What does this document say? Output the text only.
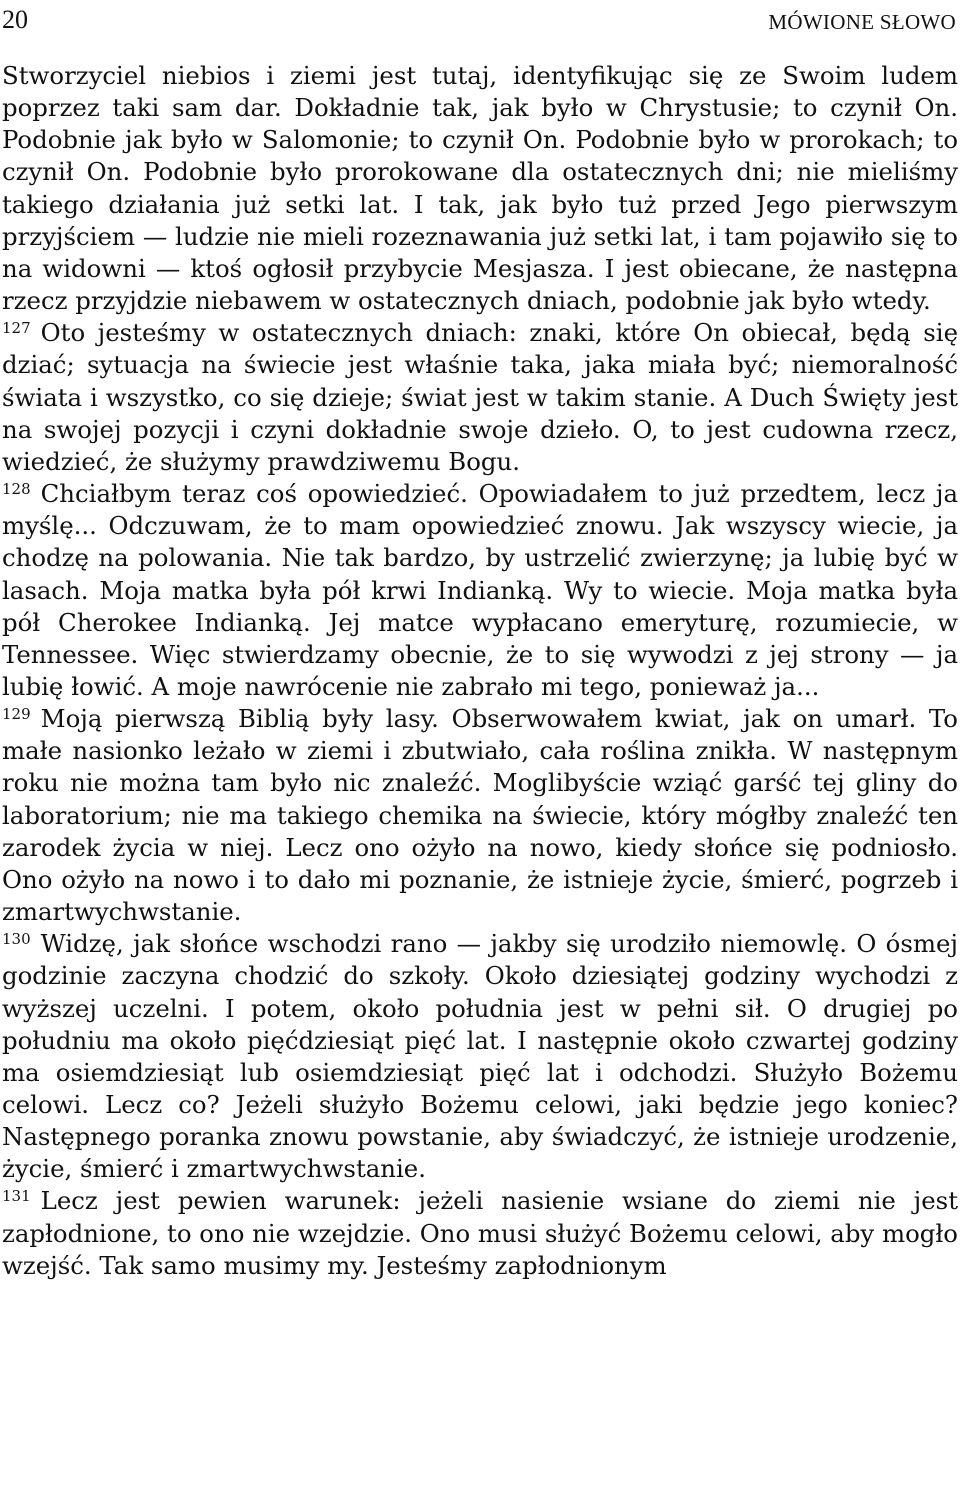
20	MÓWIONE SŁOWO

Stworzyciel niebios i ziemi jest tutaj, identyfikując się ze Swoim ludem poprzez taki sam dar. Dokładnie tak, jak było w Chrystusie; to czynił On. Podobnie jak było w Salomonie; to czynił On. Podobnie było w prorokach; to czynił On. Podobnie było prorokowane dla ostatecznych dni; nie mieliśmy takiego działania już setki lat. I tak, jak było tuż przed Jego pierwszym przyjściem — ludzie nie mieli rozeznawania już setki lat, i tam pojawiło się to na widowni — ktoś ogłosił przybycie Mesjasza. I jest obiecane, że następna rzecz przyjdzie niebawem w ostatecznych dniach, podobnie jak było wtedy.

$^{127}$ Oto jesteśmy w ostatecznych dniach: znaki, które On obiecał, będą się dziać; sytuacja na świecie jest właśnie taka, jaka miała być; niemoralność świata i wszystko, co się dzieje; świat jest w takim stanie. A Duch Święty jest na swojej pozycji i czyni dokładnie swoje dzieło. O, to jest cudowna rzecz, wiedzieć, że służymy prawdziwemu Bogu.

$^{128}$ Chciałbym teraz coś opowiedzieć. Opowiadałem to już przedtem, lecz ja myślę... Odczuwam, że to mam opowiedzieć znowu. Jak wszyscy wiecie, ja chodzę na polowania. Nie tak bardzo, by ustrzelić zwierzynę; ja lubię być w lasach. Moja matka była pół krwi Indianką. Wy to wiecie. Moja matka była pół Cherokee Indianką. Jej matce wypłacano emeryturę, rozumiecie, w Tennessee. Więc stwierdzamy obecnie, że to się wywodzi z jej strony — ja lubię łowić. A moje nawrócenie nie zabrało mi tego, ponieważ ja...

$^{129}$ Moją pierwszą Biblią były lasy. Obserwowałem kwiat, jak on umarł. To małe nasionko leżało w ziemi i zbutwiało, cała roślina znikła. W następnym roku nie można tam było nic znaleźć. Moglibyście wziąć garść tej gliny do laboratorium; nie ma takiego chemika na świecie, który mógłby znaleźć ten zarodek życia w niej. Lecz ono ożyło na nowo, kiedy słońce się podniosło. Ono ożyło na nowo i to dało mi poznanie, że istnieje życie, śmierć, pogrzeb i zmartwychwstanie.

$^{130}$ Widzę, jak słońce wschodzi rano — jakby się urodziło niemowlę. O ósmej godzinie zaczyna chodzić do szkoły. Około dziesiątej godziny wychodzi z wyższej uczelni. I potem, około południa jest w pełni sił. O drugiej po południu ma około pięćdziesiąt pięć lat. I następnie około czwartej godziny ma osiemdziesiąt lub osiemdziesiąt pięć lat i odchodzi. Służyło Bożemu celowi. Lecz co? Jeżeli służyło Bożemu celowi, jaki będzie jego koniec? Następnego poranka znowu powstanie, aby świadczyć, że istnieje urodzenie, życie, śmierć i zmartwychwstanie.

$^{131}$ Lecz jest pewien warunek: jeżeli nasienie wsiane do ziemi nie jest zapłodnione, to ono nie wzejdzie. Ono musi służyć Bożemu celowi, aby mogło wzejść. Tak samo musimy my. Jesteśmy zapłodnionym
